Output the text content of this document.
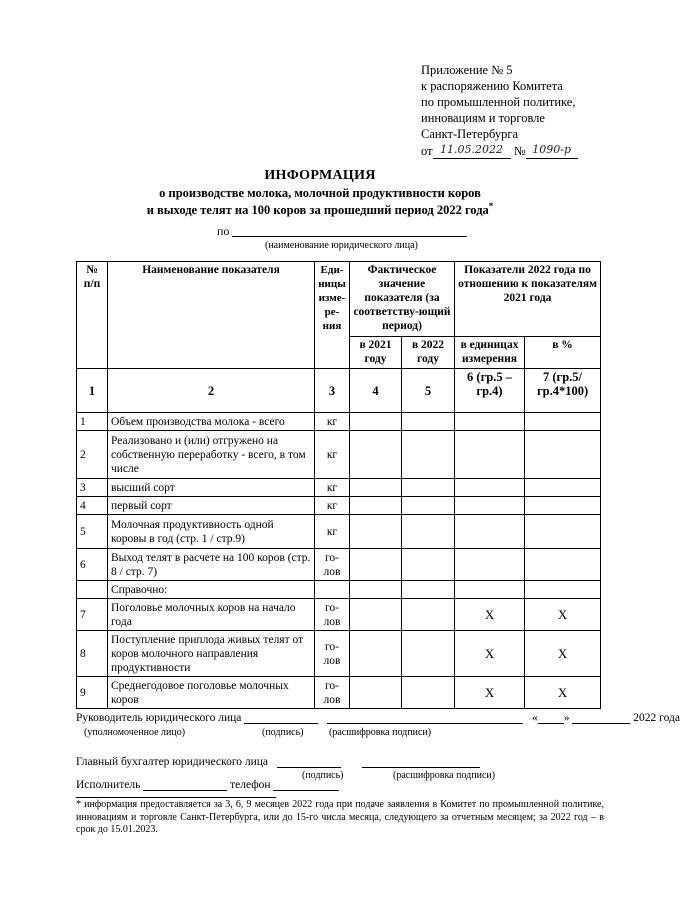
Приложение № 5
к распоряжению Комитета
по промышленной политике,
инновациям и торговле
Санкт-Петербурга
от 11.05.2022 № 1090-р
ИНФОРМАЦИЯ
о производстве молока, молочной продуктивности коров
и выходе телят на 100 коров за прошедший период 2022 года*
по
(наименование юридического лица)
№ п/п	Наименование показателя	Еди-ницы изме-ре-ния	Фактическое значение показателя (за соответству-ющий период)		Показатели 2022 года по отношению к показателям 2021 года	
			в 2021 году	в 2022 году	в единицах измерения	в %
1	2	3	4	5	6 (гр.5 – гр.4)	7 (гр.5/ гр.4*100)
1	Объем производства молока - всего	кг				
2	Реализовано и (или) отгружено на собственную переработку - всего, в том числе	кг				
3	высший сорт	кг				
4	первый сорт	кг				
5	Молочная продуктивность одной коровы в год (стр. 1 / стр.9)	кг				
6	Выход телят в расчете на 100 коров (стр. 8 / стр. 7)	го-лов				
	Справочно:					
7	Поголовье молочных коров на начало года	го-лов			Х	Х
8	Поступление приплода живых телят от коров молочного направления продуктивности	го-лов			Х	Х
9	Среднегодовое поголовье молочных коров	го-лов			Х	Х
Руководитель юридического лица	« »	2022 года
(уполномоченное лицо)	(подпись)	(расшифровка подписи)
Главный бухгалтер юридического лица
(подпись)	(расшифровка подписи)
Исполнитель	телефон
* информация предоставляется за 3, 6, 9 месяцев 2022 года при подаче заявления в Комитет по промышленной политике, инновациям и торговле Санкт-Петербурга, или до 15-го числа месяца, следующего за отчетным месяцем; за 2022 год – в срок до 15.01.2023.
